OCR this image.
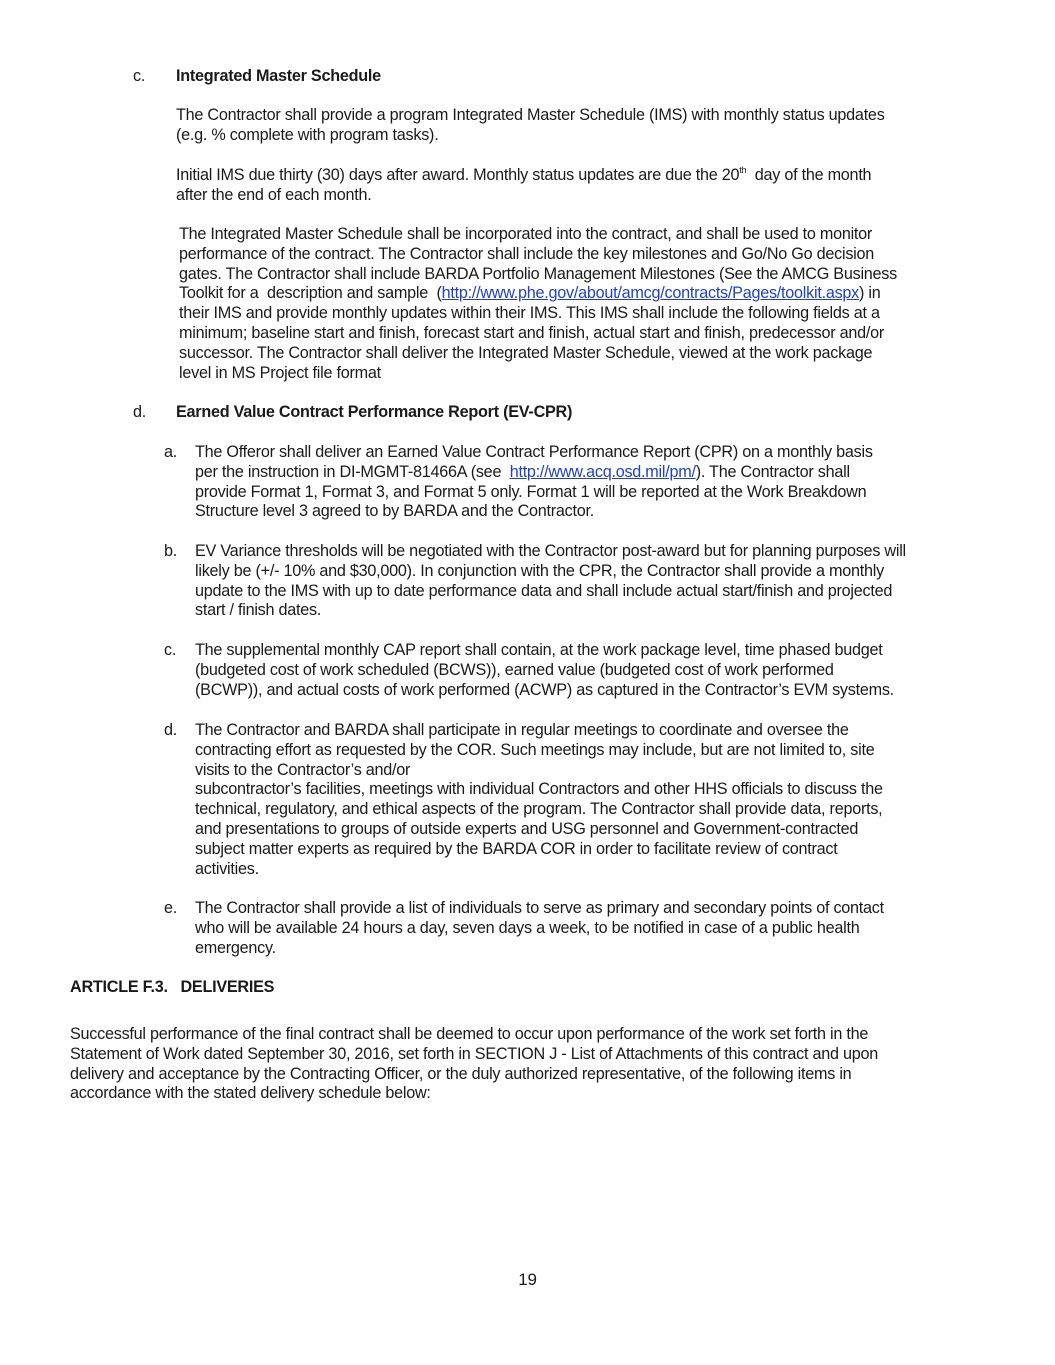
c. Integrated Master Schedule
The Contractor shall provide a program Integrated Master Schedule (IMS) with monthly status updates
(e.g. % complete with program tasks).
Initial IMS due thirty (30) days after award. Monthly status updates are due the 20th  day of the month
after the end of each month.
The Integrated Master Schedule shall be incorporated into the contract, and shall be used to monitor
performance of the contract. The Contractor shall include the key milestones and Go/No Go decision
gates. The Contractor shall include BARDA Portfolio Management Milestones (See the AMCG Business
Toolkit for a  description and sample  (http://www.phe.gov/about/amcg/contracts/Pages/toolkit.aspx) in
their IMS and provide monthly updates within their IMS. This IMS shall include the following fields at a
minimum; baseline start and finish, forecast start and finish, actual start and finish, predecessor and/or
successor. The Contractor shall deliver the Integrated Master Schedule, viewed at the work package
level in MS Project file format
d. Earned Value Contract Performance Report (EV-CPR)
a. The Offeror shall deliver an Earned Value Contract Performance Report (CPR) on a monthly basis
per the instruction in DI-MGMT-81466A (see  http://www.acq.osd.mil/pm/). The Contractor shall
provide Format 1, Format 3, and Format 5 only. Format 1 will be reported at the Work Breakdown
Structure level 3 agreed to by BARDA and the Contractor.
b. EV Variance thresholds will be negotiated with the Contractor post-award but for planning purposes will
likely be (+/- 10% and $30,000). In conjunction with the CPR, the Contractor shall provide a monthly
update to the IMS with up to date performance data and shall include actual start/finish and projected
start / finish dates.
c. The supplemental monthly CAP report shall contain, at the work package level, time phased budget
(budgeted cost of work scheduled (BCWS)), earned value (budgeted cost of work performed
(BCWP)), and actual costs of work performed (ACWP) as captured in the Contractor’s EVM systems.
d. The Contractor and BARDA shall participate in regular meetings to coordinate and oversee the
contracting effort as requested by the COR. Such meetings may include, but are not limited to, site
visits to the Contractor’s and/or
subcontractor’s facilities, meetings with individual Contractors and other HHS officials to discuss the
technical, regulatory, and ethical aspects of the program. The Contractor shall provide data, reports,
and presentations to groups of outside experts and USG personnel and Government-contracted
subject matter experts as required by the BARDA COR in order to facilitate review of contract
activities.
e. The Contractor shall provide a list of individuals to serve as primary and secondary points of contact
who will be available 24 hours a day, seven days a week, to be notified in case of a public health
emergency.
ARTICLE F.3.   DELIVERIES
Successful performance of the final contract shall be deemed to occur upon performance of the work set forth in the
Statement of Work dated September 30, 2016, set forth in SECTION J - List of Attachments of this contract and upon
delivery and acceptance by the Contracting Officer, or the duly authorized representative, of the following items in
accordance with the stated delivery schedule below:
19
